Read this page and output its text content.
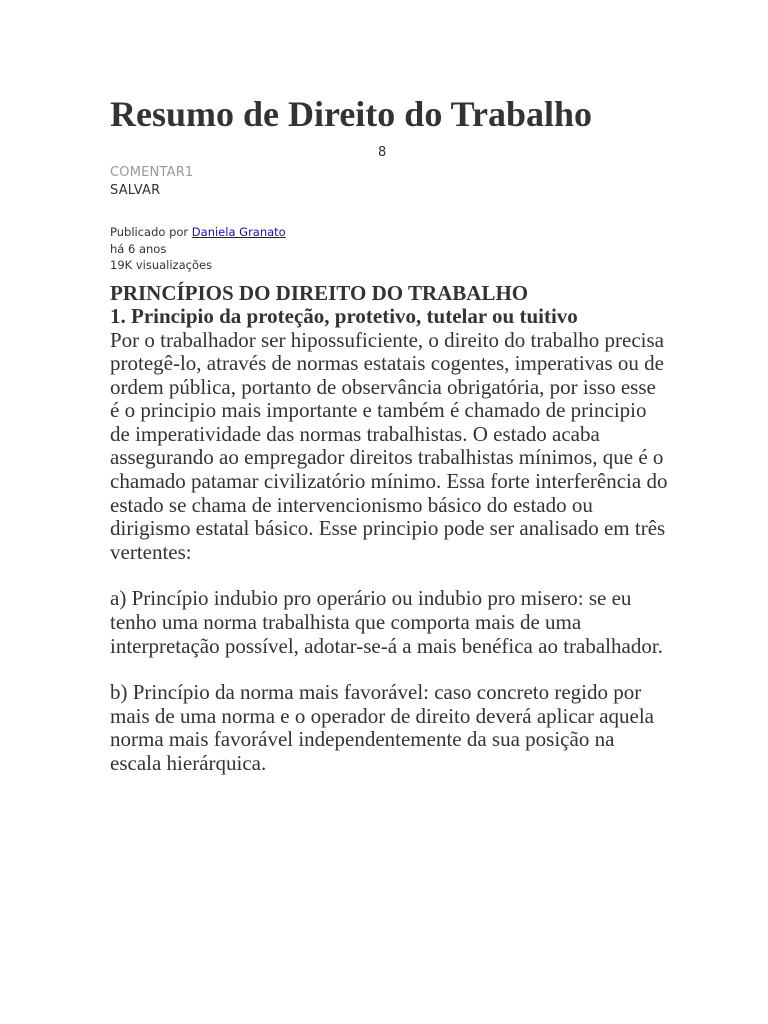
Resumo de Direito do Trabalho
8
COMENTAR1
SALVAR
Publicado por Daniela Granato
há 6 anos
19K visualizações

PRINCÍPIOS DO DIREITO DO TRABALHO

1. Principio da proteção, protetivo, tutelar ou tuitivo

Por o trabalhador ser hipossuficiente, o direito do trabalho precisa protegê-lo, através de normas estatais cogentes, imperativas ou de ordem pública, portanto de observância obrigatória, por isso esse é o principio mais importante e também é chamado de principio de imperatividade das normas trabalhistas. O estado acaba assegurando ao empregador direitos trabalhistas mínimos, que é o chamado patamar civilizatório mínimo. Essa forte interferência do estado se chama de intervencionismo básico do estado ou dirigismo estatal básico. Esse principio pode ser analisado em três vertentes:

a) Princípio indubio pro operário ou indubio pro misero: se eu tenho uma norma trabalhista que comporta mais de uma interpretação possível, adotar-se-á a mais benéfica ao trabalhador.

b) Princípio da norma mais favorável: caso concreto regido por mais de uma norma e o operador de direito deverá aplicar aquela norma mais favorável independentemente da sua posição na escala hierárquica.
